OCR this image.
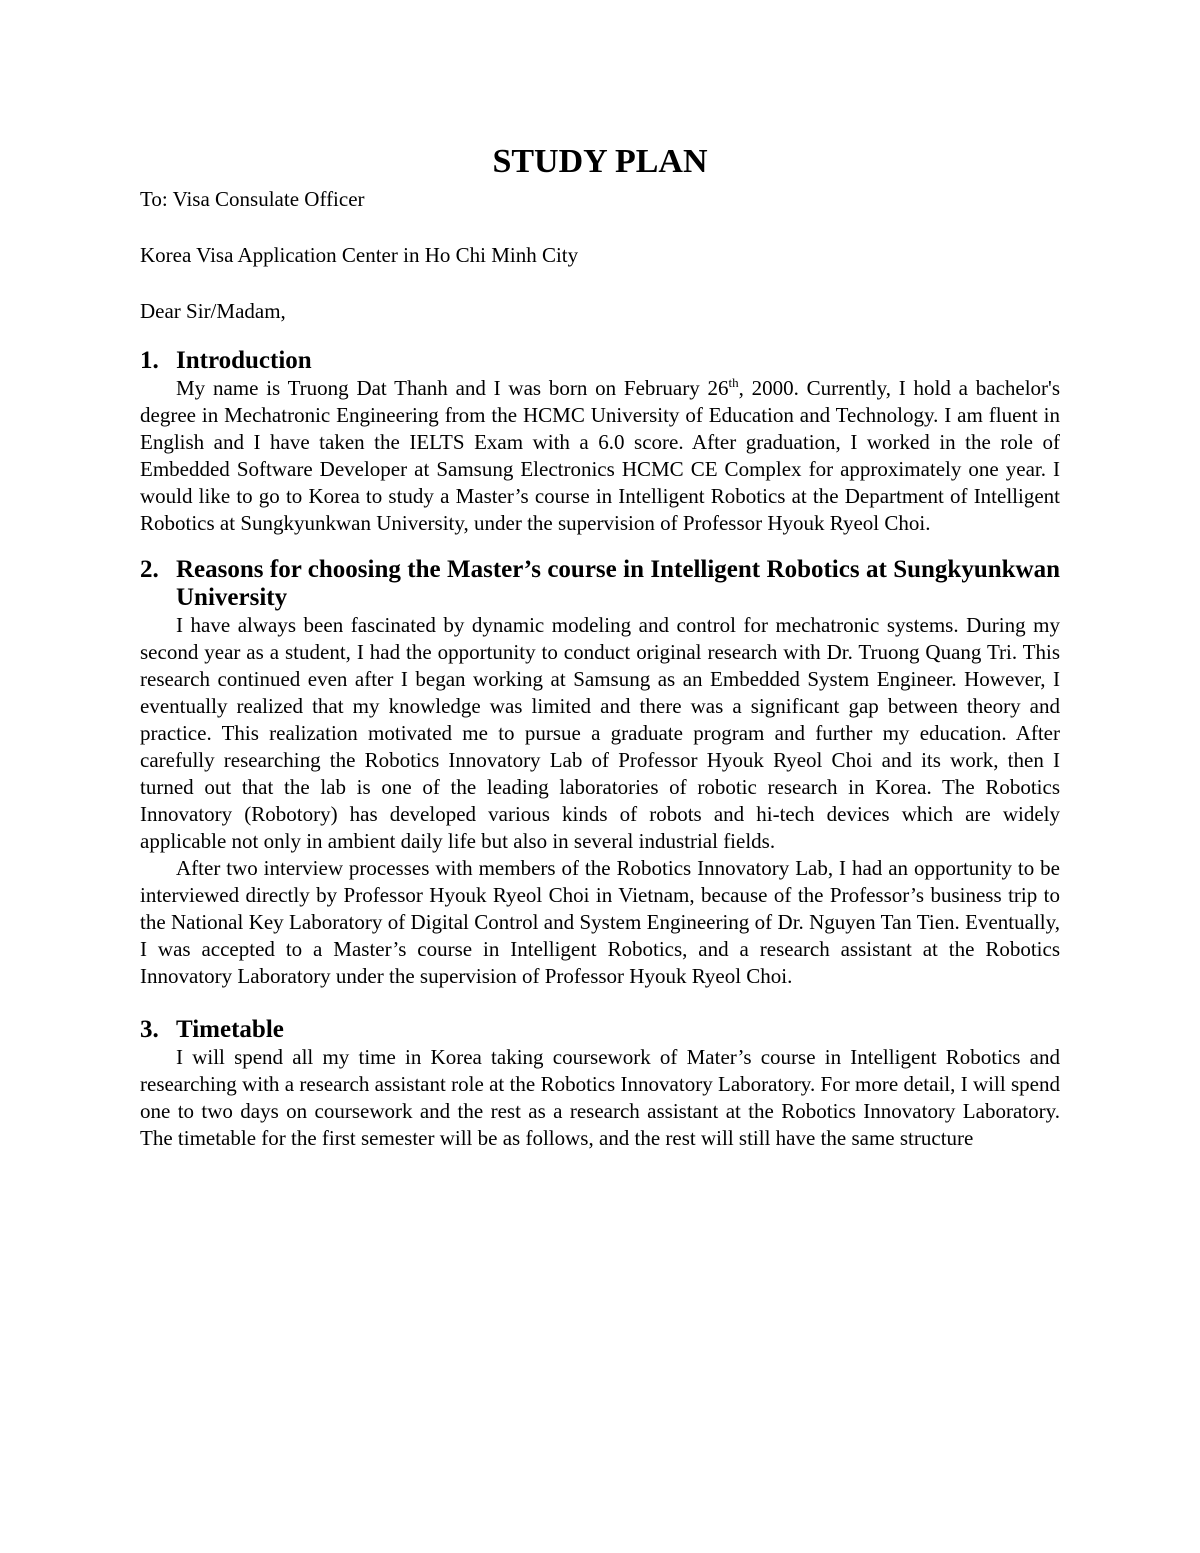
STUDY PLAN

To: Visa Consulate Officer

Korea Visa Application Center in Ho Chi Minh City

Dear Sir/Madam,

1. Introduction

My name is Truong Dat Thanh and I was born on February 26th, 2000. Currently, I hold a bachelor's degree in Mechatronic Engineering from the HCMC University of Education and Technology. I am fluent in English and I have taken the IELTS Exam with a 6.0 score. After graduation, I worked in the role of Embedded Software Developer at Samsung Electronics HCMC CE Complex for approximately one year. I would like to go to Korea to study a Master’s course in Intelligent Robotics at the Department of Intelligent Robotics at Sungkyunkwan University, under the supervision of Professor Hyouk Ryeol Choi.

2. Reasons for choosing the Master’s course in Intelligent Robotics at Sungkyunkwan University

I have always been fascinated by dynamic modeling and control for mechatronic systems. During my second year as a student, I had the opportunity to conduct original research with Dr. Truong Quang Tri. This research continued even after I began working at Samsung as an Embedded System Engineer. However, I eventually realized that my knowledge was limited and there was a significant gap between theory and practice. This realization motivated me to pursue a graduate program and further my education. After carefully researching the Robotics Innovatory Lab of Professor Hyouk Ryeol Choi and its work, then I turned out that the lab is one of the leading laboratories of robotic research in Korea. The Robotics Innovatory (Robotory) has developed various kinds of robots and hi-tech devices which are widely applicable not only in ambient daily life but also in several industrial fields.

After two interview processes with members of the Robotics Innovatory Lab, I had an opportunity to be interviewed directly by Professor Hyouk Ryeol Choi in Vietnam, because of the Professor’s business trip to the National Key Laboratory of Digital Control and System Engineering of Dr. Nguyen Tan Tien. Eventually, I was accepted to a Master’s course in Intelligent Robotics, and a research assistant at the Robotics Innovatory Laboratory under the supervision of Professor Hyouk Ryeol Choi.

3. Timetable

I will spend all my time in Korea taking coursework of Mater’s course in Intelligent Robotics and researching with a research assistant role at the Robotics Innovatory Laboratory. For more detail, I will spend one to two days on coursework and the rest as a research assistant at the Robotics Innovatory Laboratory. The timetable for the first semester will be as follows, and the rest will still have the same structure
